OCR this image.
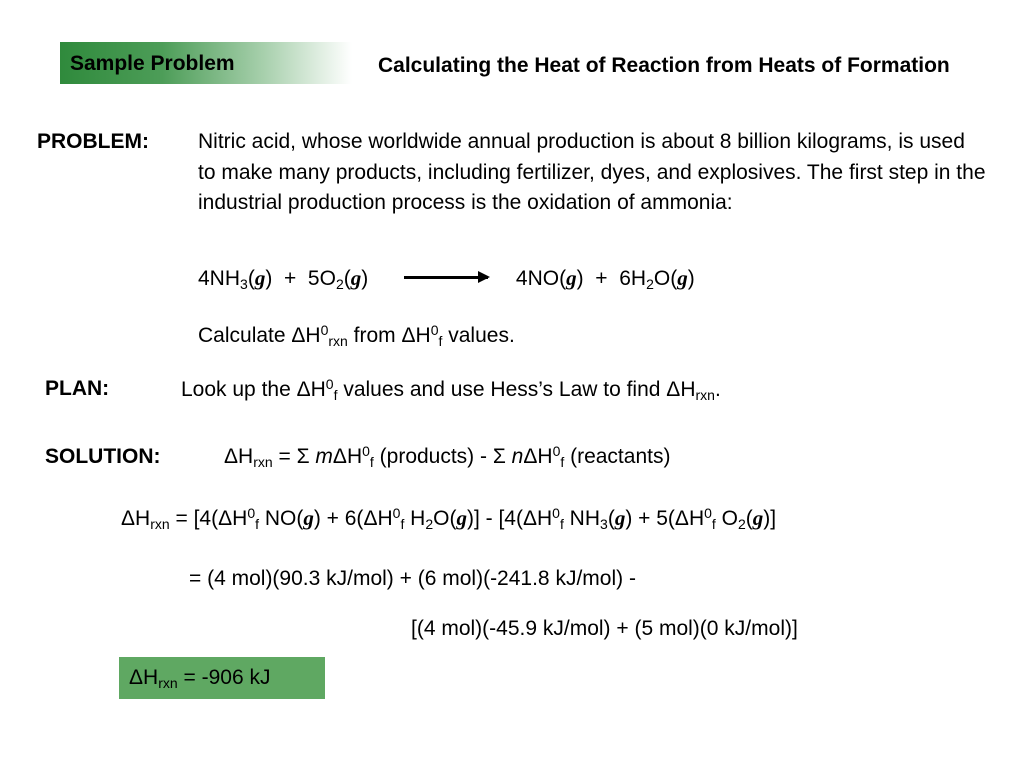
Sample Problem	Calculating the Heat of Reaction from Heats of Formation
PROBLEM: Nitric acid, whose worldwide annual production is about 8 billion kilograms, is used to make many products, including fertilizer, dyes, and explosives. The first step in the industrial production process is the oxidation of ammonia:
$4NH_3(g) + 5O_2(g) \to 4NO(g) + 6H_2O(g)$
Calculate $\Delta H^0_{rxn}$ from $\Delta H^0_f$ values.
PLAN:	Look up the $\Delta H^0_f$ values and use Hess’s Law to find $\Delta H_{rxn}$.
SOLUTION:	$\Delta H_{rxn} = \Sigma$ mΔH$^0_f$ (products) - Σ nΔH$^0_f$ (reactants)
$\Delta H_{rxn} = [4(\Delta H^0_f$ $NO(g) + 6(\Delta H^0_f$ $H_2O(g)] - [4(\Delta H^0_f$ $NH_3(g) + 5(\Delta H^0_f$ $O_2(g)$]
= (4 mol)(90.3 kJ/mol) + (6 mol)(-241.8 kJ/mol) -
[(4 mol)(-45.9 kJ/mol) + (5 mol)(0 kJ/mol)]
$\Delta H_{rxn} = -906$ kJ
